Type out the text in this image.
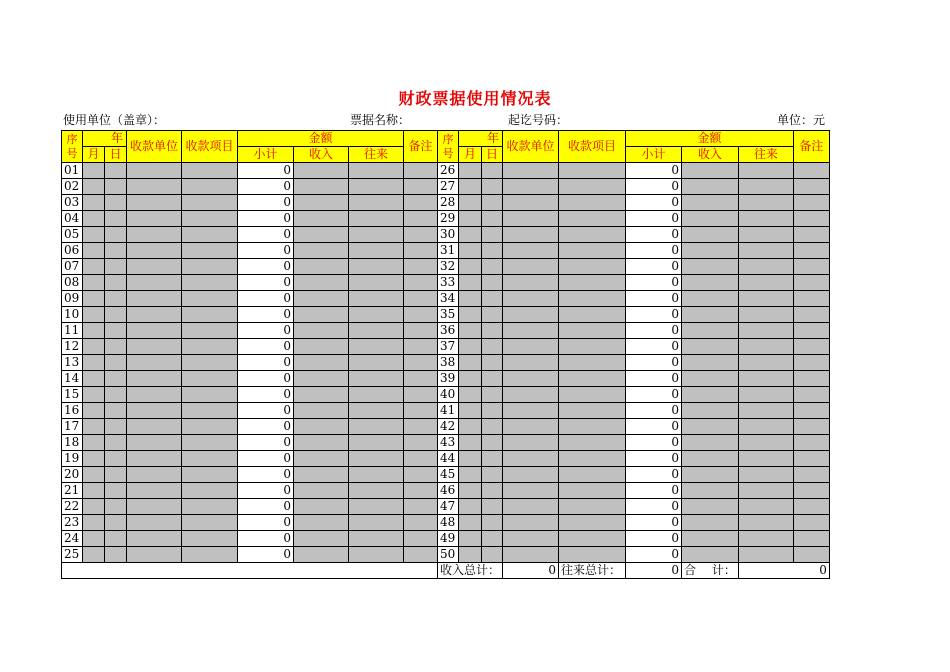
财政票据使用情况表
使用单位（盖章）：	票据名称：	起讫号码：	单位：元
序号	年		收款单位	收款项目	金额			备注	序号	年		收款单位	收款项目	金额			备注
	月	日			小计	收入	往来			月	日			小计	收入	往来	
01					0				26					0			
02					0				27					0			
03					0				28					0			
04					0				29					0			
05					0				30					0			
06					0				31					0			
07					0				32					0			
08					0				33					0			
09					0				34					0			
10					0				35					0			
11					0				36					0			
12					0				37					0			
13					0				38					0			
14					0				39					0			
15					0				40					0			
16					0				41					0			
17					0				42					0			
18					0				43					0			
19					0				44					0			
20					0				45					0			
21					0				46					0			
22					0				47					0			
23					0				48					0			
24					0				49					0			
25					0				50					0			
									收入总计：			0	往来总计：	0	合　 计：	0	
